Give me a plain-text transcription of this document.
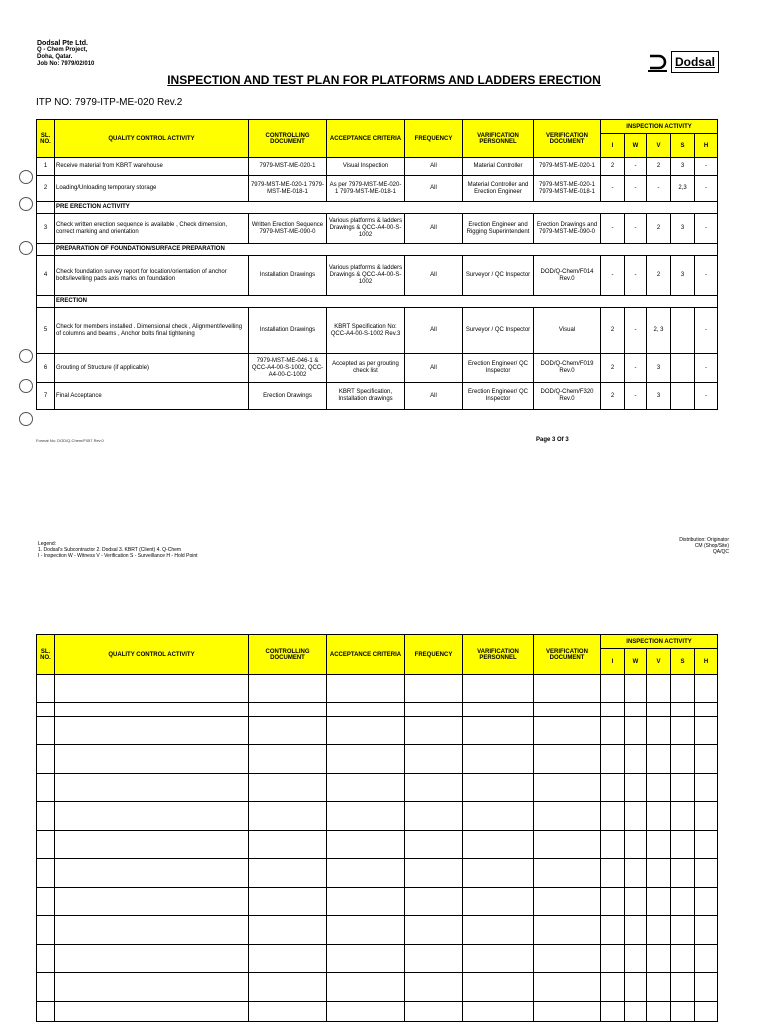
Dodsal Pte Ltd.
Q - Chem Project,
Doha, Qatar.
Job No: 7979/02/010	Dodsal
INSPECTION AND TEST PLAN FOR PLATFORMS AND LADDERS ERECTION
ITP NO: 7979-ITP-ME-020 Rev.2
SL. NO.	QUALITY CONTROL ACTIVITY	CONTROLLING DOCUMENT	ACCEPTANCE CRITERIA	FREQUENCY	VARIFICATION PERSONNEL	VERIFICATION DOCUMENT	INSPECTION ACTIVITY				
							I	W	V	S	H
1	Receive material from KBRT warehouse	7979-MST-ME-020-1	Visual Inspection	All	Material Controller	7979-MST-ME-020-1	2	-	2	3	-
2	Loading/Unloading temporary storage	7979-MST-ME-020-1 7979-MST-ME-018-1	As per 7979-MST-ME-020-1 7979-MST-ME-018-1	All	Material Controller and Erection Engineer	7979-MST-ME-020-1 7979-MST-ME-018-1	-	-	-	2,3	-
	PRE ERECTION ACTIVITY										
3	Check written erection sequence is available , Check dimension, correct marking and orientation	Written Erection Sequence 7979-MST-ME-090-0	Various platforms & ladders Drawings & QCC-A4-00-S-1002	All	Erection Engineer and Rigging Superintendent	Erection Drawings and 7979-MST-ME-090-0	-	-	2	3	-
	PREPARATION OF FOUNDATION/SURFACE PREPARATION										
4	Check foundation survey report for location/orientation of anchor bolts/levelling pads axis marks on foundation	Installation Drawings	Various platforms & ladders Drawings & QCC-A4-00-S-1002	All	Surveyor / QC Inspector	DOD/Q-Chem/F014 Rev.0	-	-	2	3	-
	ERECTION										
5	Check for members installed . Dimensional check , Alignment/levelling of columns and beams , Anchor bolts final tightening	Installation Drawings	KBRT Specification No: QCC-A4-00-S-1002 Rev.3	All	Surveyor / QC Inspector	Visual	2	-	2, 3		-
6	Grouting of Structure (if applicable)	7979-MST-ME-046-1 & QCC-A4-00-S-1002, QCC-A4-00-C-1002	Accepted as per grouting check list	All	Erection Engineer/ QC Inspector	DOD/Q-Chem/F019 Rev.0	2	-	3		-
7	Final Acceptance	Erection Drawings	KBRT Specification, Installation drawings	All	Erection Engineer/ QC Inspector	DOD/Q-Chem/F320 Rev.0	2	-	3		-
Format No: DOD/Q-Chem/F057 Rev.0	Page 3 Of 3
Legend:
1. Dodsal's Subcontractor 2. Dodsal 3. KBRT (Client) 4. Q-Chem
I - Inspection W - Witness V - Verification S - Surveillance H - Hold Point
Distribution: Originator
CM (Shop/Site)
QA/QC
SL. NO.	QUALITY CONTROL ACTIVITY	CONTROLLING DOCUMENT	ACCEPTANCE CRITERIA	FREQUENCY	VARIFICATION PERSONNEL	VERIFICATION DOCUMENT	INSPECTION ACTIVITY				
							I	W	V	S	H
